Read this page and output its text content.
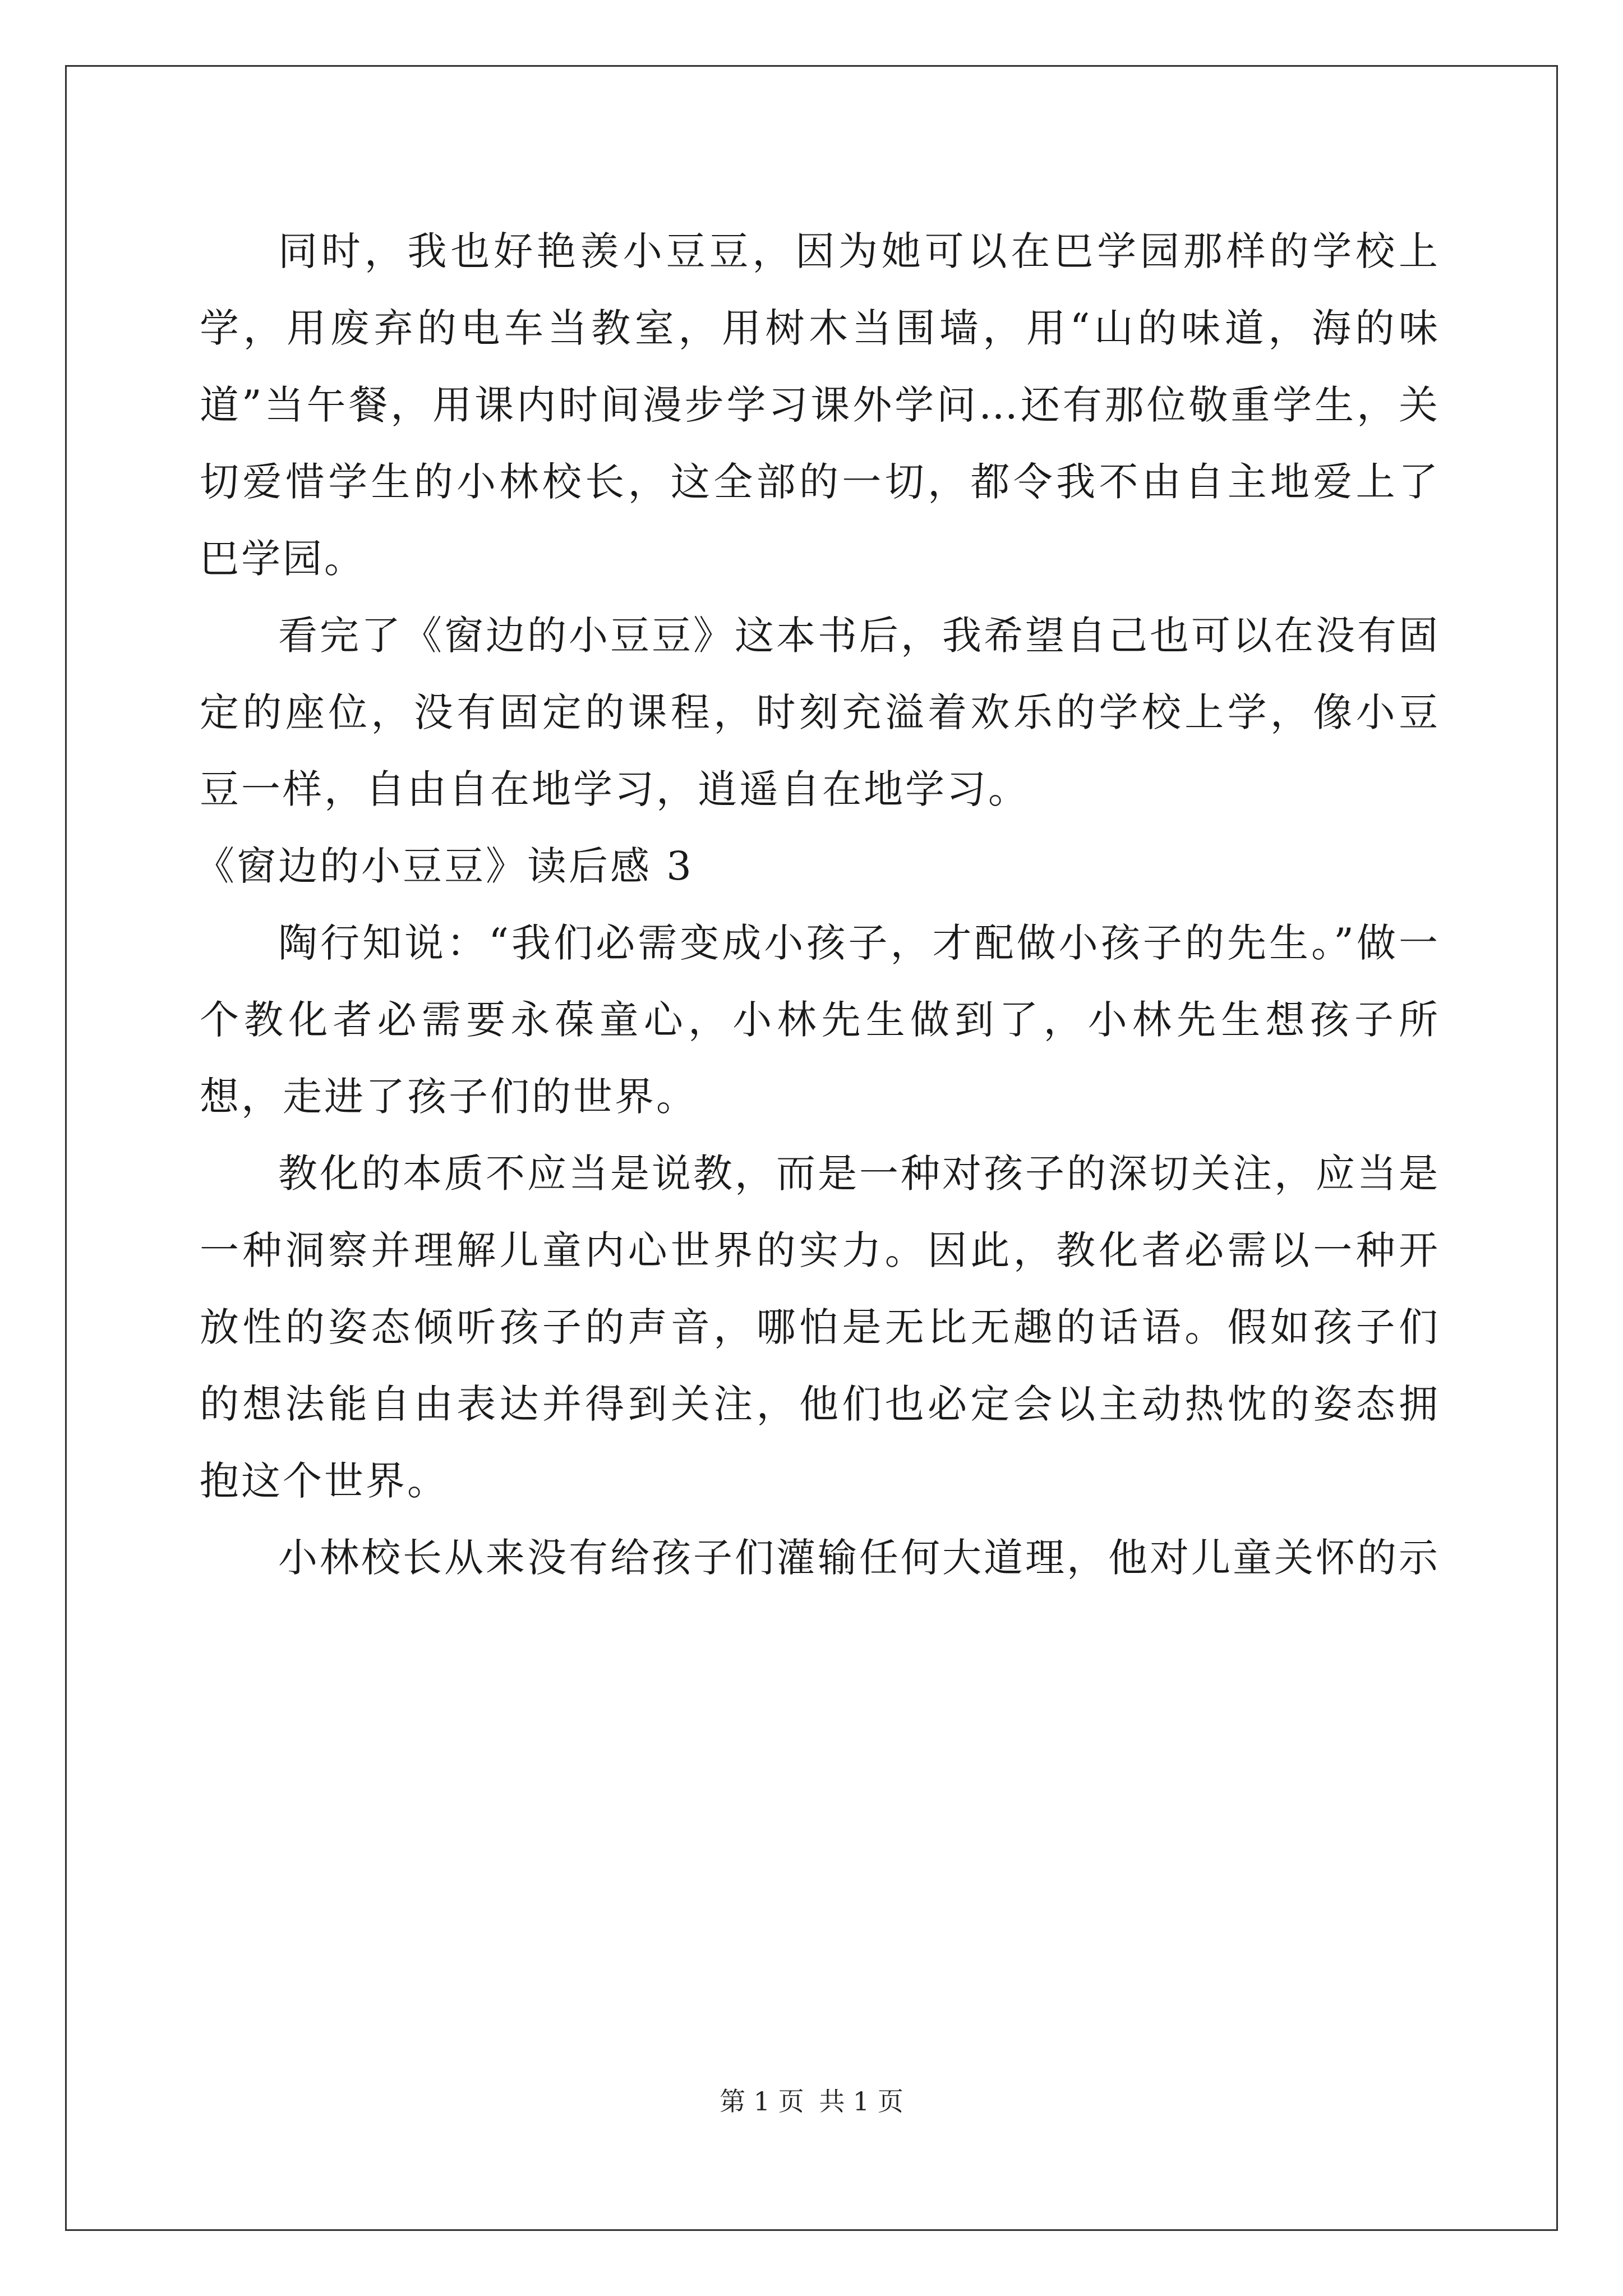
同时，我也好艳羡小豆豆，因为她可以在巴学园那样的学校上学，用废弃的电车当教室，用树木当围墙，用“山的味道，海的味道”当午餐，用课内时间漫步学习课外学问…还有那位敬重学生，关切爱惜学生的小林校长，这全部的一切，都令我不由自主地爱上了巴学园。

看完了《窗边的小豆豆》这本书后，我希望自己也可以在没有固定的座位，没有固定的课程，时刻充溢着欢乐的学校上学，像小豆豆一样，自由自在地学习，逍遥自在地学习。

《窗边的小豆豆》读后感 3

陶行知说：“我们必需变成小孩子，才配做小孩子的先生。”做一个教化者必需要永葆童心，小林先生做到了，小林先生想孩子所想，走进了孩子们的世界。

教化的本质不应当是说教，而是一种对孩子的深切关注，应当是一种洞察并理解儿童内心世界的实力。因此，教化者必需以一种开放性的姿态倾听孩子的声音，哪怕是无比无趣的话语。假如孩子们的想法能自由表达并得到关注，他们也必定会以主动热忱的姿态拥抱这个世界。

小林校长从来没有给孩子们灌输任何大道理，他对儿童关怀的示

第 1 页 共 1 页
